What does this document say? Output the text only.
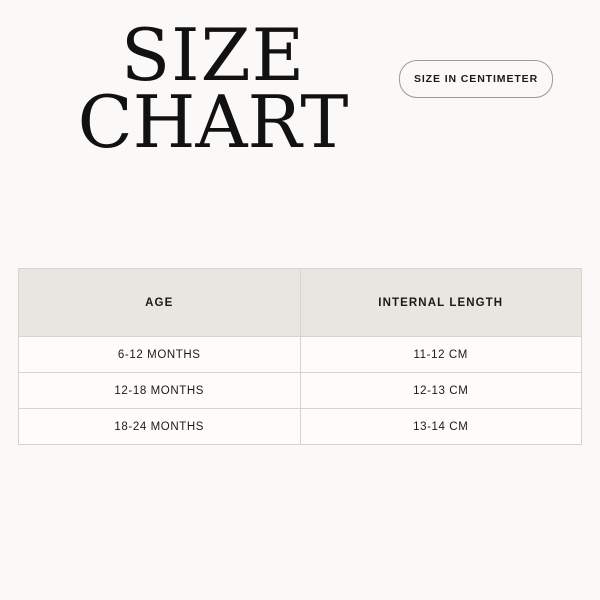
SIZE
CHART
SIZE IN CENTIMETER
AGE	INTERNAL LENGTH
6-12 MONTHS	11-12 CM
12-18 MONTHS	12-13 CM
18-24 MONTHS	13-14 CM
